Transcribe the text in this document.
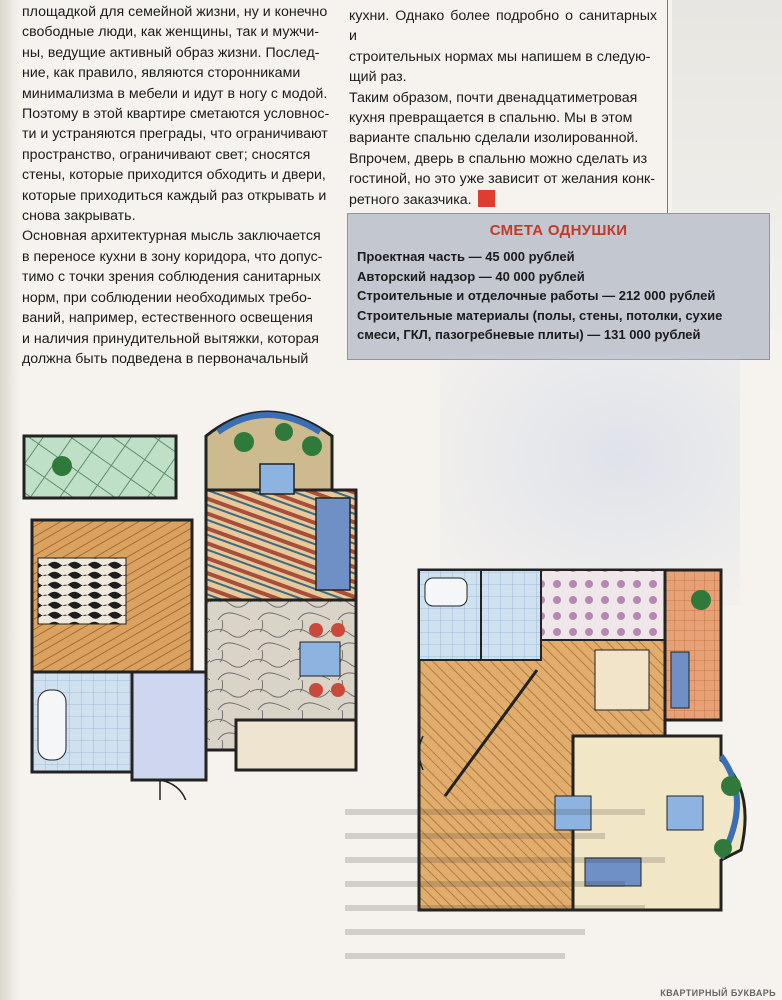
площадкой для семейной жизни, ну и конечно
свободные люди, как женщины, так и мужчи-
ны, ведущие активный образ жизни. Послед-
ние, как правило, являются сторонниками
минимализма в мебели и идут в ногу с модой.
Поэтому в этой квартире сметаются условнос-
ти и устраняются преграды, что ограничивают
пространство, ограничивают свет; сносятся
стены, которые приходится обходить и двери,
которые приходиться каждый раз открывать и
снова закрывать.

Основная архитектурная мысль заключается
в переносе кухни в зону коридора, что допус-
тимо с точки зрения соблюдения санитарных
норм, при соблюдении необходимых требо-
ваний, например, естественного освещения
и наличия принудительной вытяжки, которая
должна быть подведена в первоначальный

кухни. Однако более подробно о санитарных и
строительных нормах мы напишем в следую-
щий раз.

Таким образом, почти двенадцатиметровая
кухня превращается в спальню. Мы в этом
варианте спальню сделали изолированной.
Впрочем, дверь в спальню можно сделать из
гостиной, но это уже зависит от желания конк-
ретного заказчика.

СМЕТА ОДНУШКИ
Проектная часть — 45 000 рублей
Авторский надзор — 40 000 рублей
Строительные и отделочные работы — 212 000 рублей
Строительные материалы (полы, стены, потолки, сухие
смеси, ГКЛ, пазогребневые плиты) — 131 000 рублей
КВАРТИРНЫЙ БУКВАРЬ
